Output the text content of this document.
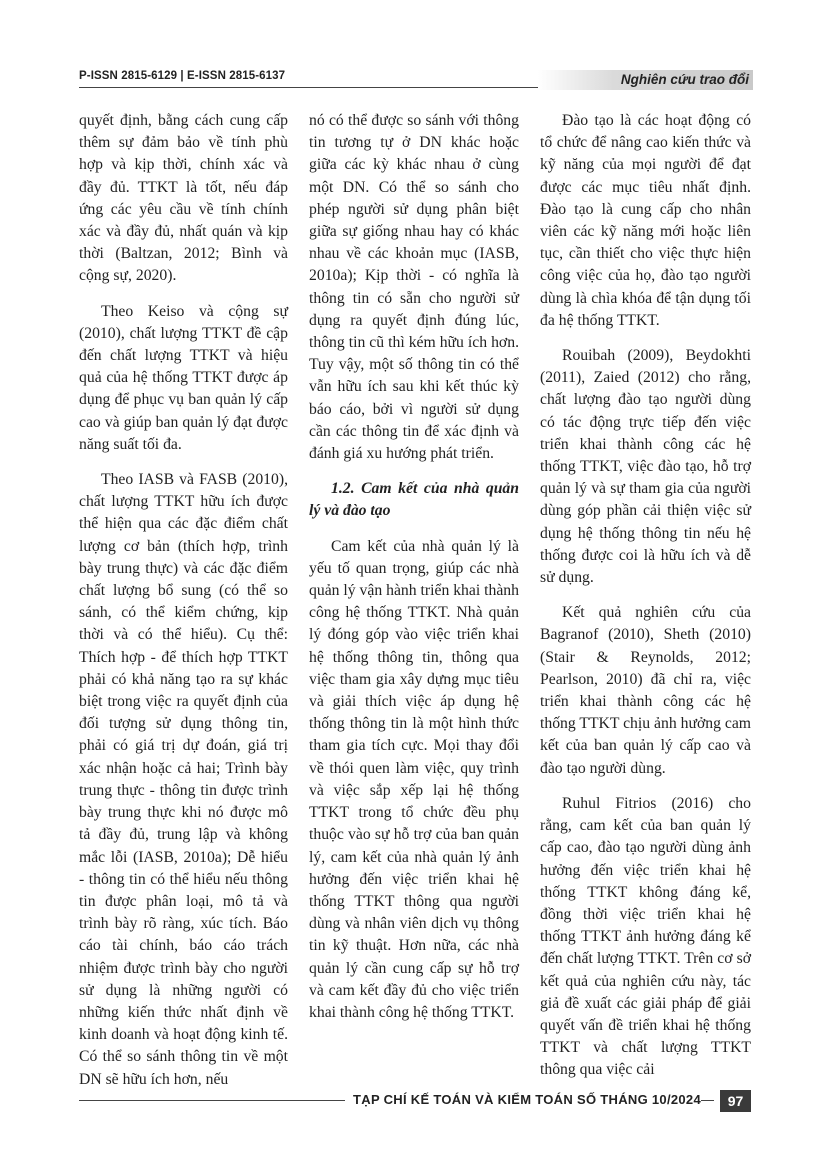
P-ISSN 2815-6129 | E-ISSN 2815-6137	Nghiên cứu trao đổi

quyết định, bằng cách cung cấp thêm sự đảm bảo về tính phù hợp và kịp thời, chính xác và đầy đủ. TTKT là tốt, nếu đáp ứng các yêu cầu về tính chính xác và đầy đủ, nhất quán và kịp thời (Baltzan, 2012; Bình và cộng sự, 2020).

Theo Keiso và cộng sự (2010), chất lượng TTKT đề cập đến chất lượng TTKT và hiệu quả của hệ thống TTKT được áp dụng để phục vụ ban quản lý cấp cao và giúp ban quản lý đạt được năng suất tối đa.

Theo IASB và FASB (2010), chất lượng TTKT hữu ích được thể hiện qua các đặc điểm chất lượng cơ bản (thích hợp, trình bày trung thực) và các đặc điểm chất lượng bổ sung (có thể so sánh, có thể kiểm chứng, kịp thời và có thể hiểu). Cụ thể: Thích hợp - để thích hợp TTKT phải có khả năng tạo ra sự khác biệt trong việc ra quyết định của đối tượng sử dụng thông tin, phải có giá trị dự đoán, giá trị xác nhận hoặc cả hai; Trình bày trung thực - thông tin được trình bày trung thực khi nó được mô tả đầy đủ, trung lập và không mắc lỗi (IASB, 2010a); Dễ hiểu - thông tin có thể hiểu nếu thông tin được phân loại, mô tả và trình bày rõ ràng, xúc tích. Báo cáo tài chính, báo cáo trách nhiệm được trình bày cho người sử dụng là những người có những kiến thức nhất định về kinh doanh và hoạt động kinh tế. Có thể so sánh thông tin về một DN sẽ hữu ích hơn, nếu

nó có thể được so sánh với thông tin tương tự ở DN khác hoặc giữa các kỳ khác nhau ở cùng một DN. Có thể so sánh cho phép người sử dụng phân biệt giữa sự giống nhau hay có khác nhau về các khoản mục (IASB, 2010a); Kịp thời - có nghĩa là thông tin có sẵn cho người sử dụng ra quyết định đúng lúc, thông tin cũ thì kém hữu ích hơn. Tuy vậy, một số thông tin có thể vẫn hữu ích sau khi kết thúc kỳ báo cáo, bởi vì người sử dụng cần các thông tin để xác định và đánh giá xu hướng phát triển.

1.2. Cam kết của nhà quản lý và đào tạo

Cam kết của nhà quản lý là yếu tố quan trọng, giúp các nhà quản lý vận hành triển khai thành công hệ thống TTKT. Nhà quản lý đóng góp vào việc triển khai hệ thống thông tin, thông qua việc tham gia xây dựng mục tiêu và giải thích việc áp dụng hệ thống thông tin là một hình thức tham gia tích cực. Mọi thay đổi về thói quen làm việc, quy trình và việc sắp xếp lại hệ thống TTKT trong tổ chức đều phụ thuộc vào sự hỗ trợ của ban quản lý, cam kết của nhà quản lý ảnh hưởng đến việc triển khai hệ thống TTKT thông qua người dùng và nhân viên dịch vụ thông tin kỹ thuật. Hơn nữa, các nhà quản lý cần cung cấp sự hỗ trợ và cam kết đầy đủ cho việc triển khai thành công hệ thống TTKT.

Đào tạo là các hoạt động có tổ chức để nâng cao kiến thức và kỹ năng của mọi người để đạt được các mục tiêu nhất định. Đào tạo là cung cấp cho nhân viên các kỹ năng mới hoặc liên tục, cần thiết cho việc thực hiện công việc của họ, đào tạo người dùng là chìa khóa để tận dụng tối đa hệ thống TTKT.

Rouibah (2009), Beydokhti (2011), Zaied (2012) cho rằng, chất lượng đào tạo người dùng có tác động trực tiếp đến việc triển khai thành công các hệ thống TTKT, việc đào tạo, hỗ trợ quản lý và sự tham gia của người dùng góp phần cải thiện việc sử dụng hệ thống thông tin nếu hệ thống được coi là hữu ích và dễ sử dụng.

Kết quả nghiên cứu của Bagranof (2010), Sheth (2010) (Stair & Reynolds, 2012; Pearlson, 2010) đã chỉ ra, việc triển khai thành công các hệ thống TTKT chịu ảnh hưởng cam kết của ban quản lý cấp cao và đào tạo người dùng.

Ruhul Fitrios (2016) cho rằng, cam kết của ban quản lý cấp cao, đào tạo người dùng ảnh hưởng đến việc triển khai hệ thống TTKT không đáng kể, đồng thời việc triển khai hệ thống TTKT ảnh hưởng đáng kể đến chất lượng TTKT. Trên cơ sở kết quả của nghiên cứu này, tác giả đề xuất các giải pháp để giải quyết vấn đề triển khai hệ thống TTKT và chất lượng TTKT thông qua việc cải

TẠP CHÍ KẾ TOÁN VÀ KIỂM TOÁN SỐ THÁNG 10/2024	97
